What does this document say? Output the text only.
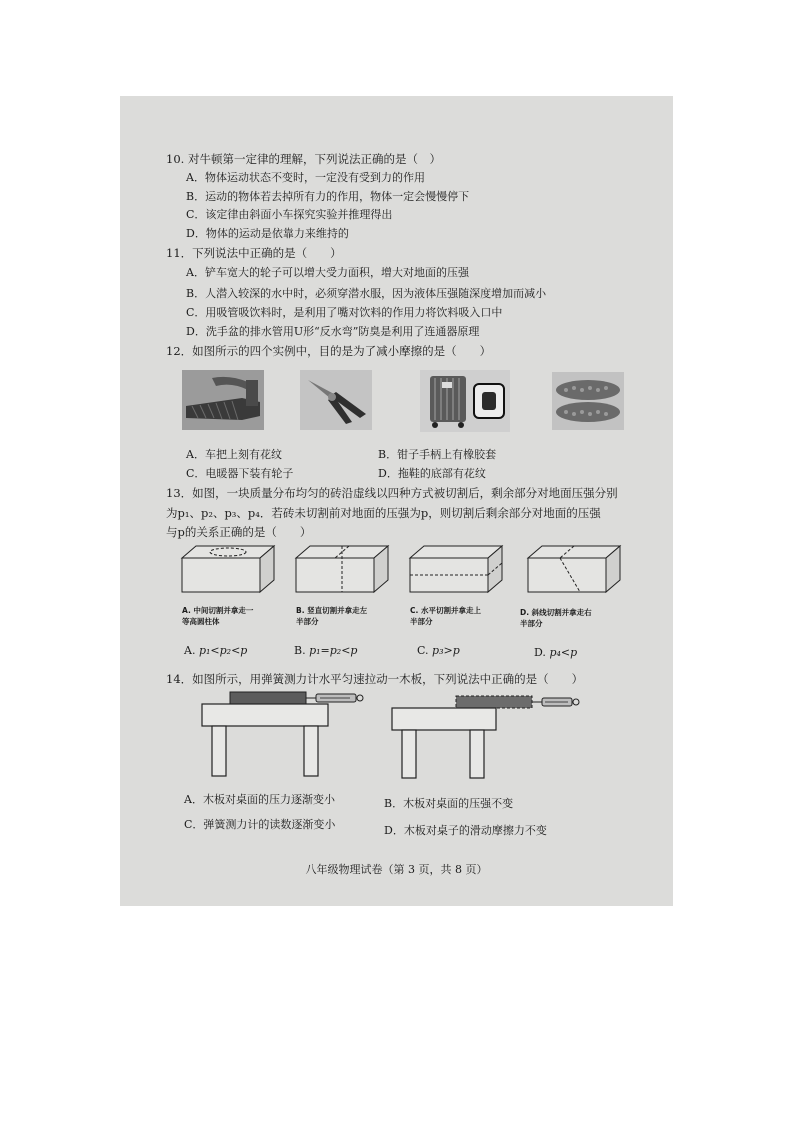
10. 对牛顿第一定律的理解，下列说法正确的是（　）
A．物体运动状态不变时，一定没有受到力的作用
B．运动的物体若去掉所有力的作用，物体一定会慢慢停下
C．该定律由斜面小车探究实验并推理得出
D．物体的运动是依靠力来维持的
11．下列说法中正确的是（　　）
A．铲车宽大的轮子可以增大受力面积，增大对地面的压强
B．人潜入较深的水中时，必须穿潜水服，因为液体压强随深度增加而减小
C．用吸管吸饮料时，是利用了嘴对饮料的作用力将饮料吸入口中
D．洗手盆的排水管用U形“反水弯”防臭是利用了连通器原理
12．如图所示的四个实例中，目的是为了减小摩擦的是（　　）
A．车把上刻有花纹	B．钳子手柄上有橡胶套
C．电暖器下装有轮子	D．拖鞋的底部有花纹
13．如图，一块质量分布均匀的砖沿虚线以四种方式被切割后，剩余部分对地面压强分别
为p₁、p₂、p₃、p₄．若砖未切割前对地面的压强为p，则切割后剩余部分对地面的压强
与p的关系正确的是（　　）
A. 中间切割并拿走一
等高圆柱体
B. 竖直切割并拿走左
半部分
C. 水平切割并拿走上
半部分
D. 斜线切割并拿走右
半部分
A. p₁<p₂<p	B. p₁=p₂<p	C. p₃>p	D. p₄<p
14．如图所示，用弹簧测力计水平匀速拉动一木板，下列说法中正确的是（　　）
A．木板对桌面的压力逐渐变小	B．木板对桌面的压强不变
C．弹簧测力计的读数逐渐变小	D．木板对桌子的滑动摩擦力不变
八年级物理试卷（第 3 页，共 8 页）
